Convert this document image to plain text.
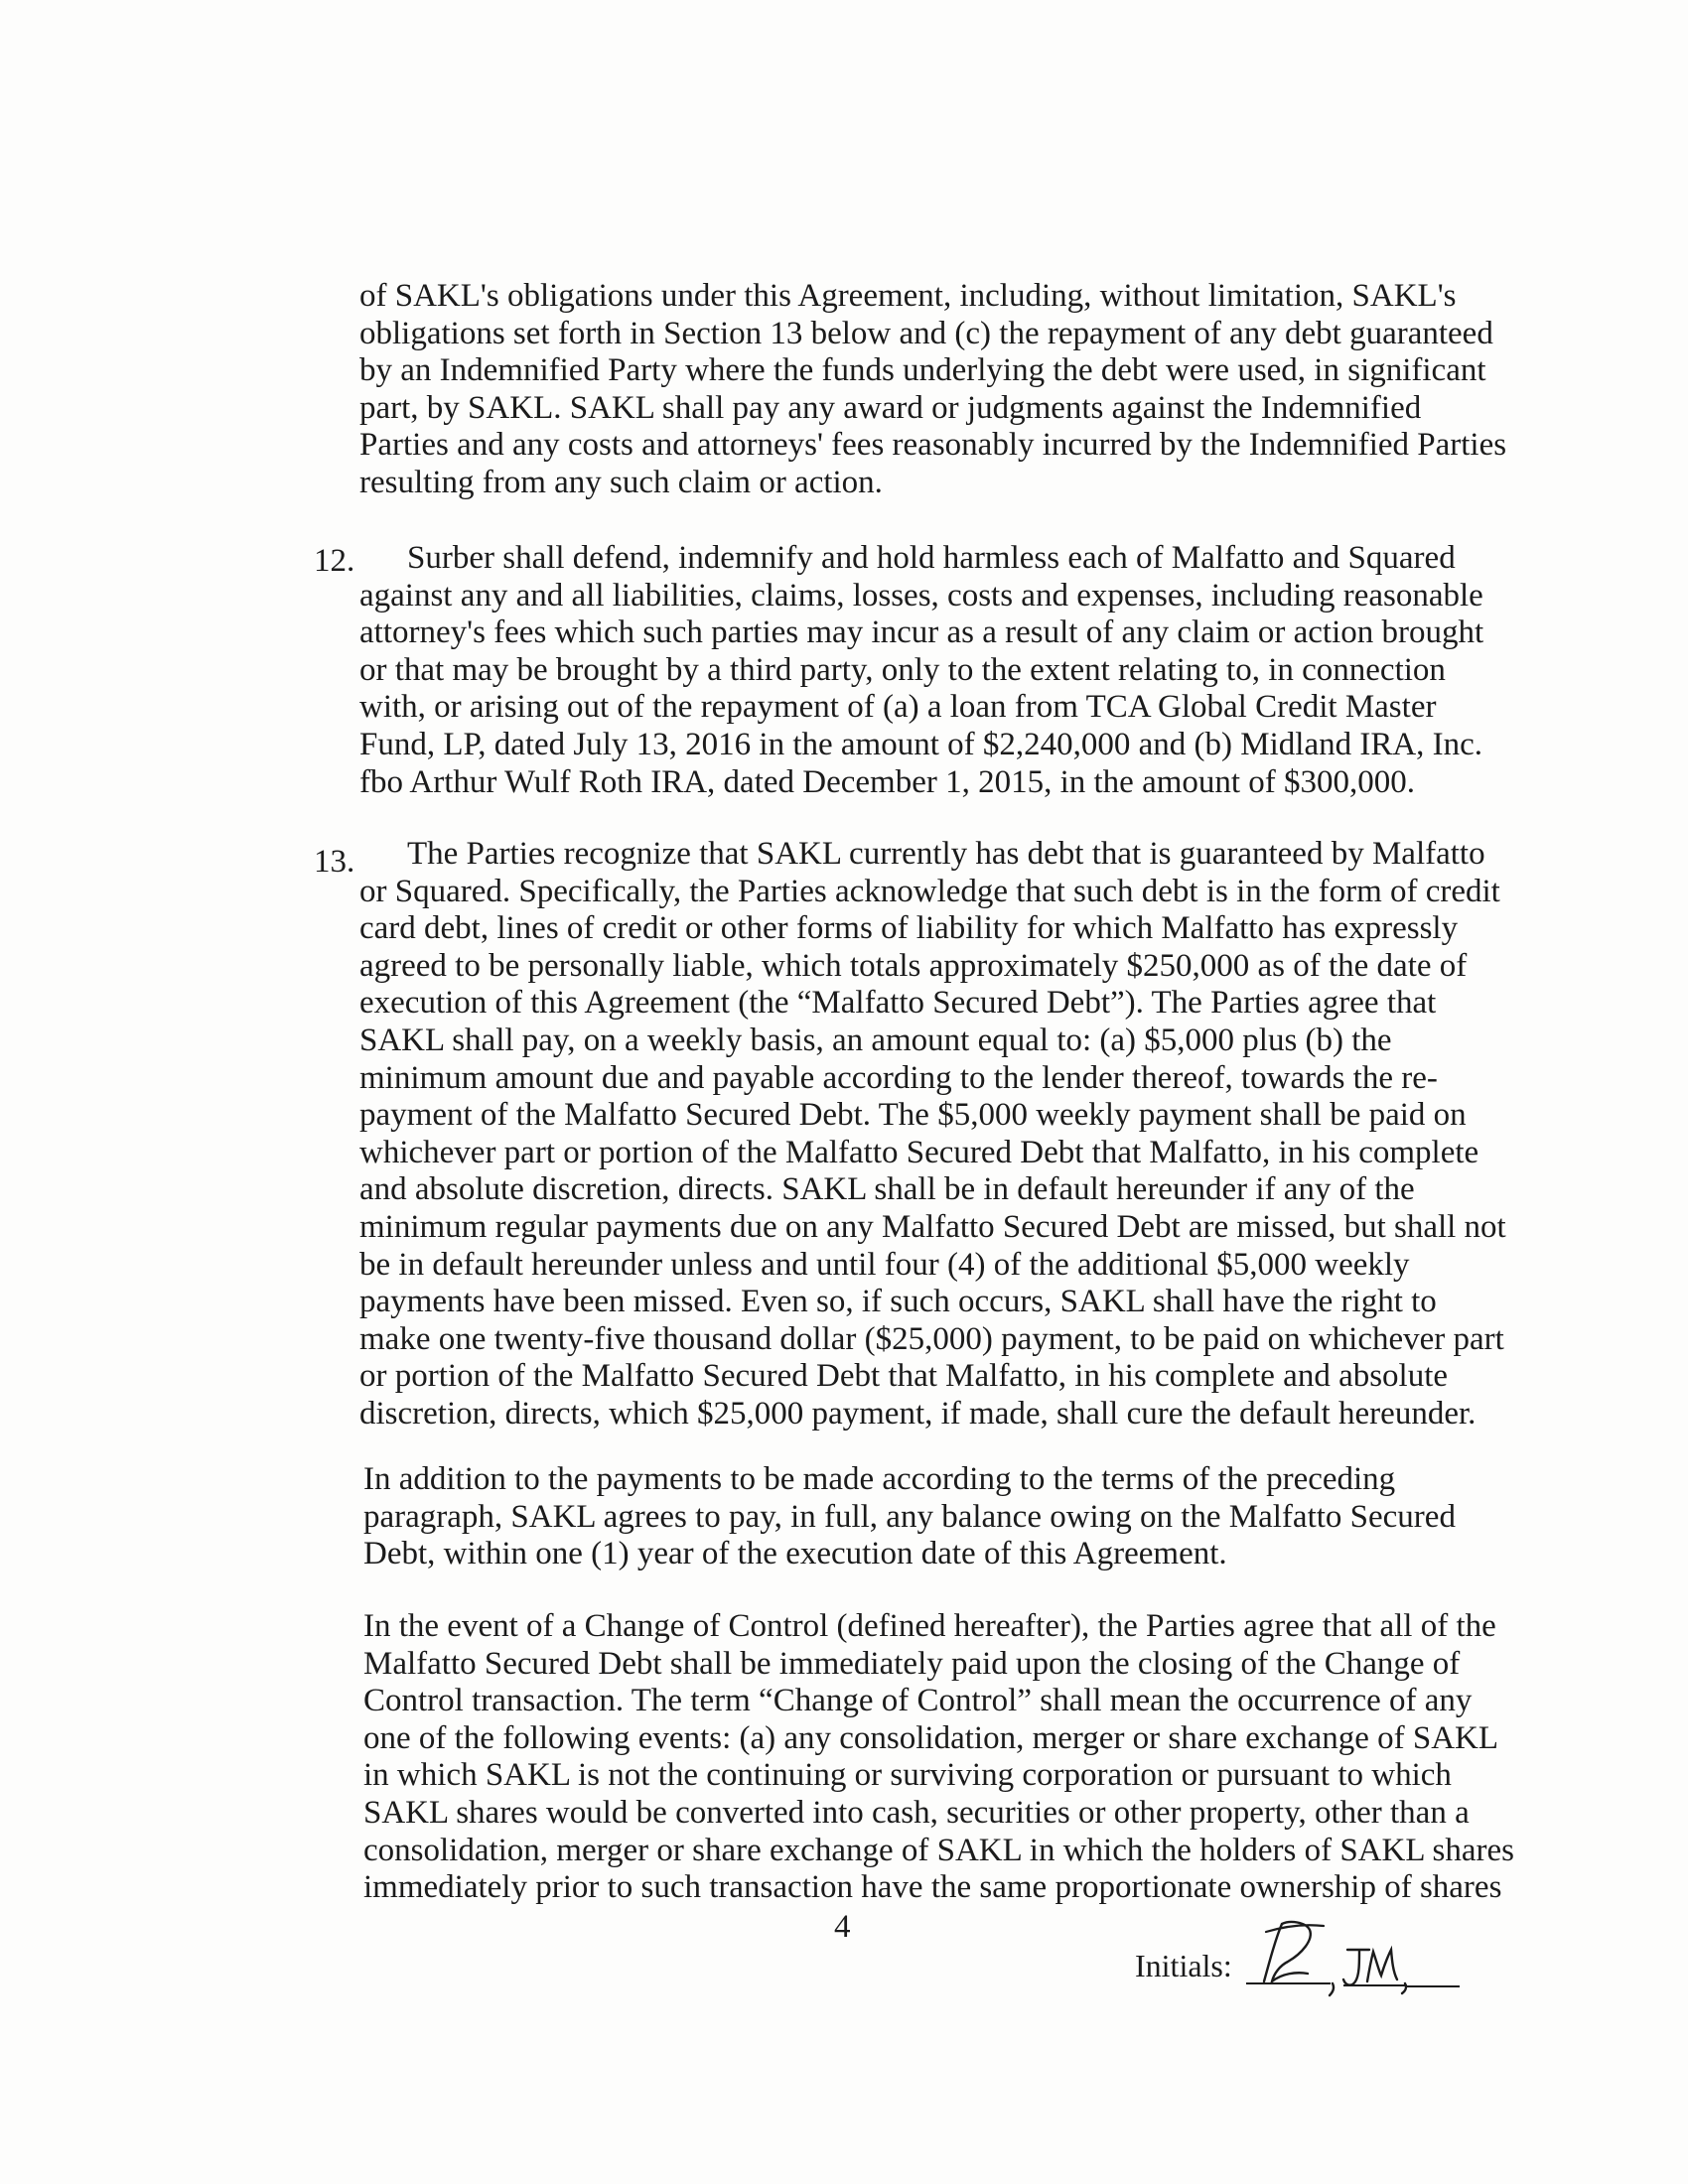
of SAKL's obligations under this Agreement, including, without limitation, SAKL's
obligations set forth in Section 13 below and (c) the repayment of any debt guaranteed
by an Indemnified Party where the funds underlying the debt were used, in significant
part, by SAKL. SAKL shall pay any award or judgments against the Indemnified
Parties and any costs and attorneys' fees reasonably incurred by the Indemnified Parties
resulting from any such claim or action.
12.	Surber shall defend, indemnify and hold harmless each of Malfatto and Squared
against any and all liabilities, claims, losses, costs and expenses, including reasonable
attorney's fees which such parties may incur as a result of any claim or action brought
or that may be brought by a third party, only to the extent relating to, in connection
with, or arising out of the repayment of (a) a loan from TCA Global Credit Master
Fund, LP, dated July 13, 2016 in the amount of $2,240,000 and (b) Midland IRA, Inc.
fbo Arthur Wulf Roth IRA, dated December 1, 2015, in the amount of $300,000.
13.	The Parties recognize that SAKL currently has debt that is guaranteed by Malfatto
or Squared. Specifically, the Parties acknowledge that such debt is in the form of credit
card debt, lines of credit or other forms of liability for which Malfatto has expressly
agreed to be personally liable, which totals approximately $250,000 as of the date of
execution of this Agreement (the “Malfatto Secured Debt”). The Parties agree that
SAKL shall pay, on a weekly basis, an amount equal to: (a) $5,000 plus (b) the
minimum amount due and payable according to the lender thereof, towards the re-
payment of the Malfatto Secured Debt. The $5,000 weekly payment shall be paid on
whichever part or portion of the Malfatto Secured Debt that Malfatto, in his complete
and absolute discretion, directs. SAKL shall be in default hereunder if any of the
minimum regular payments due on any Malfatto Secured Debt are missed, but shall not
be in default hereunder unless and until four (4) of the additional $5,000 weekly
payments have been missed. Even so, if such occurs, SAKL shall have the right to
make one twenty-five thousand dollar ($25,000) payment, to be paid on whichever part
or portion of the Malfatto Secured Debt that Malfatto, in his complete and absolute
discretion, directs, which $25,000 payment, if made, shall cure the default hereunder.
In addition to the payments to be made according to the terms of the preceding
paragraph, SAKL agrees to pay, in full, any balance owing on the Malfatto Secured
Debt, within one (1) year of the execution date of this Agreement.
In the event of a Change of Control (defined hereafter), the Parties agree that all of the
Malfatto Secured Debt shall be immediately paid upon the closing of the Change of
Control transaction. The term “Change of Control” shall mean the occurrence of any
one of the following events: (a) any consolidation, merger or share exchange of SAKL
in which SAKL is not the continuing or surviving corporation or pursuant to which
SAKL shares would be converted into cash, securities or other property, other than a
consolidation, merger or share exchange of SAKL in which the holders of SAKL shares
immediately prior to such transaction have the same proportionate ownership of shares
4
Initials:
